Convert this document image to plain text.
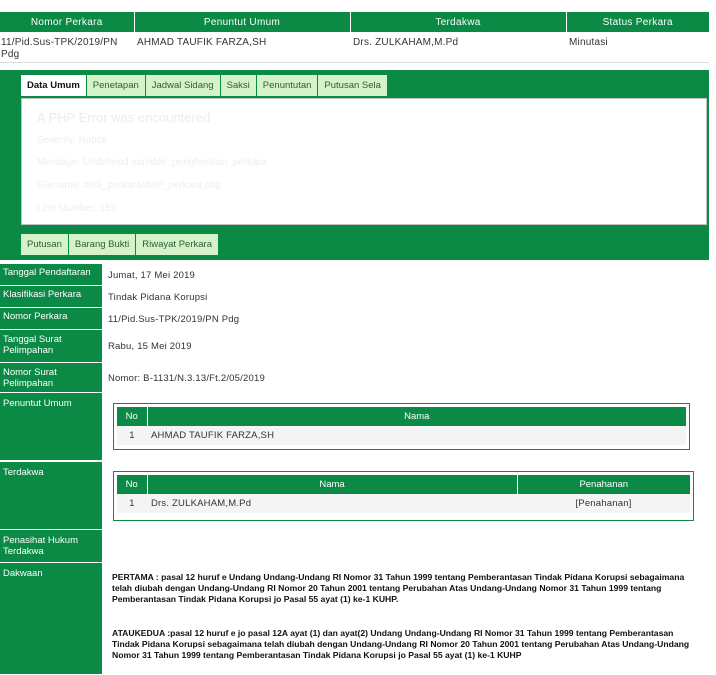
Nomor Perkara	Penuntut Umum	Terdakwa	Status Perkara
11/Pid.Sus-TPK/2019/PN Pdg	AHMAD TAUFIK FARZA,SH	Drs. ZULKAHAM,M.Pd	Minutasi
Data Umum	Penetapan	Jadwal Sidang	Saksi	Penuntutan	Putusan Sela
A PHP Error was encountered
Severity: Notice
Message: Undefined variable: penghentian_perkara
Filename: detil_perkara/detil_perkara.php
Line Number: 159
Putusan	Barang Bukti	Riwayat Perkara
Tanggal Pendaftaran	Jumat, 17 Mei 2019
Klasifikasi Perkara	Tindak Pidana Korupsi
Nomor Perkara	11/Pid.Sus-TPK/2019/PN Pdg
Tanggal Surat Pelimpahan	Rabu, 15 Mei 2019
Nomor Surat Pelimpahan	Nomor: B-1131/N.3.13/Ft.2/05/2019
Penuntut Umum
No	Nama
1	AHMAD TAUFIK FARZA,SH
Terdakwa
No	Nama	Penahanan
1	Drs. ZULKAHAM,M.Pd	[Penahanan]
Penasihat Hukum Terdakwa
Dakwaan	PERTAMA : pasal 12 huruf e Undang Undang-Undang RI Nomor 31 Tahun 1999 tentang Pemberantasan Tindak Pidana Korupsi sebagaimana telah diubah dengan Undang-Undang RI Nomor 20 Tahun 2001 tentang Perubahan Atas Undang-Undang Nomor 31 Tahun 1999 tentang Pemberantasan Tindak Pidana Korupsi jo Pasal 55 ayat (1) ke-1 KUHP.
ATAUKEDUA :pasal 12 huruf e jo pasal 12A ayat (1) dan ayat(2) Undang Undang-Undang RI Nomor 31 Tahun 1999 tentang Pemberantasan Tindak Pidana Korupsi sebagaimana telah diubah dengan Undang-Undang RI Nomor 20 Tahun 2001 tentang Perubahan Atas Undang-Undang Nomor 31 Tahun 1999 tentang Pemberantasan Tindak Pidana Korupsi jo Pasal 55 ayat (1) ke-1 KUHP
